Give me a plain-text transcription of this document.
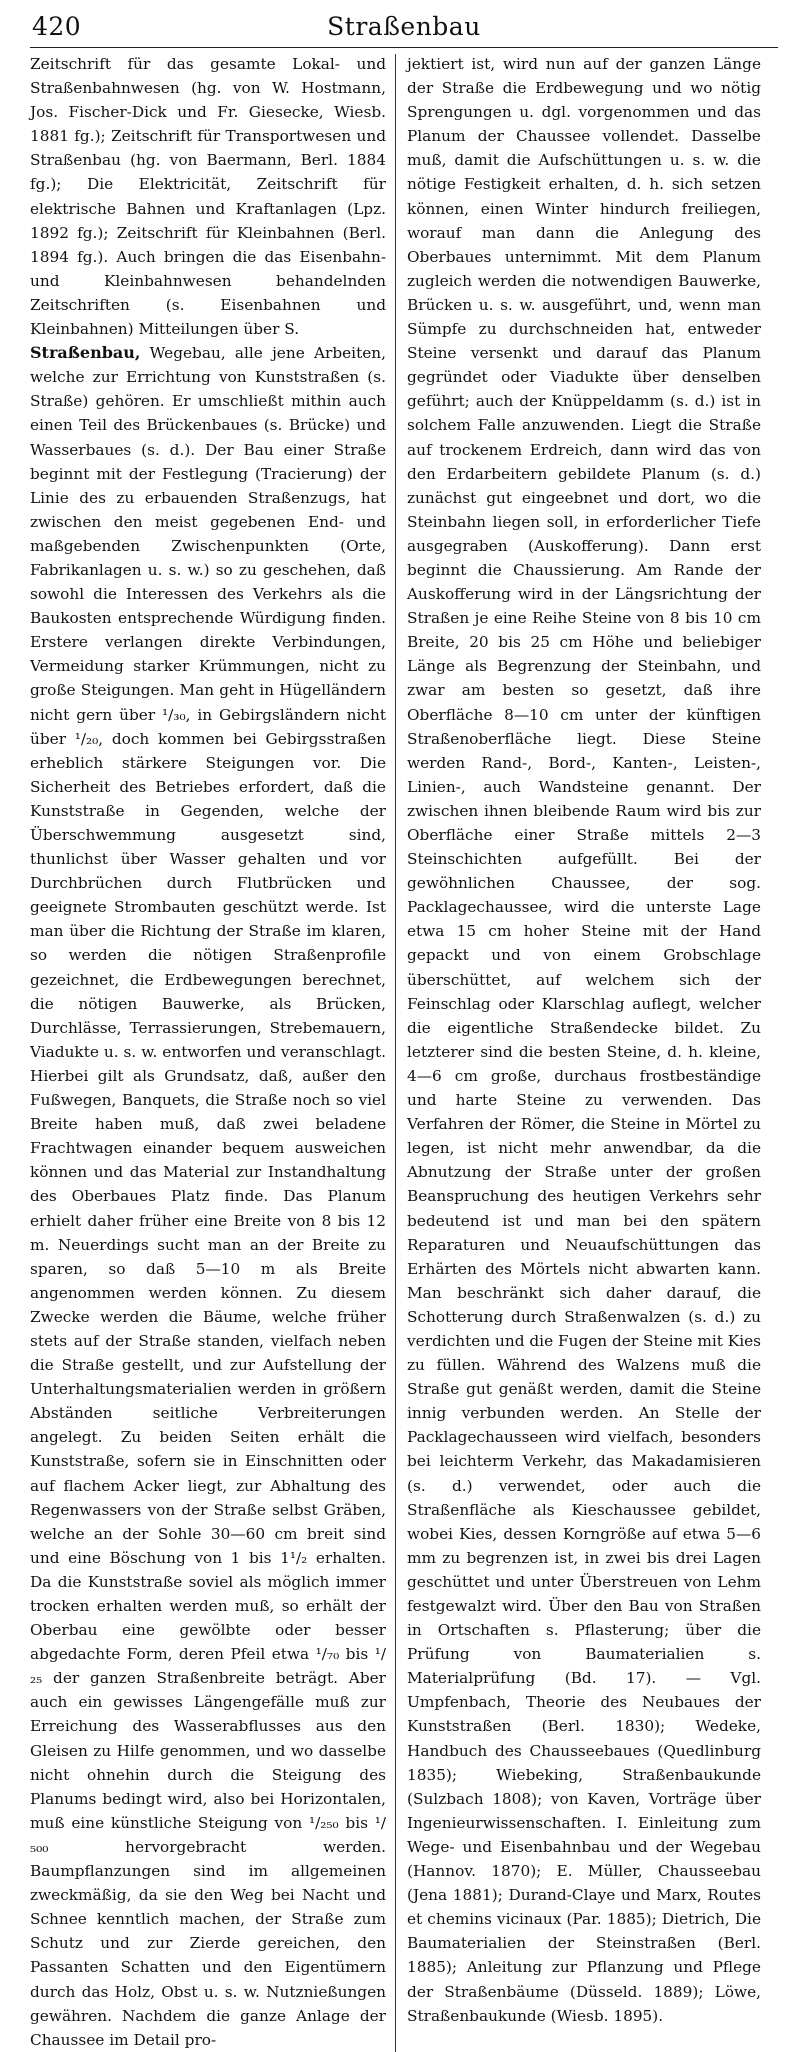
420	Straßenbau

Zeitschrift für das gesamte Lokal- und Straßenbahnwesen (hg. von W. Hostmann, Jos. Fischer-Dick und Fr. Giesecke, Wiesb. 1881 fg.); Zeitschrift für Transportwesen und Straßenbau (hg. von Baermann, Berl. 1884 fg.); Die Elektricität, Zeitschrift für elektrische Bahnen und Kraftanlagen (Lpz. 1892 fg.); Zeitschrift für Kleinbahnen (Berl. 1894 fg.). Auch bringen die das Eisenbahn- und Kleinbahnwesen behandelnden Zeitschriften (s. Eisenbahnen und Kleinbahnen) Mitteilungen über S.

Straßenbau, Wegebau, alle jene Arbeiten, welche zur Errichtung von Kunststraßen (s. Straße) gehören. Er umschließt mithin auch einen Teil des Brückenbaues (s. Brücke) und Wasserbaues (s. d.). Der Bau einer Straße beginnt mit der Festlegung (Tracierung) der Linie des zu erbauenden Straßenzugs, hat zwischen den meist gegebenen End- und maßgebenden Zwischenpunkten (Orte, Fabrikanlagen u. s. w.) so zu geschehen, daß sowohl die Interessen des Verkehrs als die Baukosten entsprechende Würdigung finden. Erstere verlangen direkte Verbindungen, Vermeidung starker Krümmungen, nicht zu große Steigungen. Man geht in Hügelländern nicht gern über ¹/₃₀, in Gebirgsländern nicht über ¹/₂₀, doch kommen bei Gebirgsstraßen erheblich stärkere Steigungen vor. Die Sicherheit des Betriebes erfordert, daß die Kunststraße in Gegenden, welche der Überschwemmung ausgesetzt sind, thunlichst über Wasser gehalten und vor Durchbrüchen durch Flutbrücken und geeignete Strombauten geschützt werde. Ist man über die Richtung der Straße im klaren, so werden die nötigen Straßenprofile gezeichnet, die Erdbewegungen berechnet, die nötigen Bauwerke, als Brücken, Durchlässe, Terrassierungen, Strebemauern, Viadukte u. s. w. entworfen und veranschlagt. Hierbei gilt als Grundsatz, daß, außer den Fußwegen, Banquets, die Straße noch so viel Breite haben muß, daß zwei beladene Frachtwagen einander bequem ausweichen können und das Material zur Instandhaltung des Oberbaues Platz finde. Das Planum erhielt daher früher eine Breite von 8 bis 12 m. Neuerdings sucht man an der Breite zu sparen, so daß 5—10 m als Breite angenommen werden können. Zu diesem Zwecke werden die Bäume, welche früher stets auf der Straße standen, vielfach neben die Straße gestellt, und zur Aufstellung der Unterhaltungsmaterialien werden in größern Abständen seitliche Verbreiterungen angelegt. Zu beiden Seiten erhält die Kunststraße, sofern sie in Einschnitten oder auf flachem Acker liegt, zur Abhaltung des Regenwassers von der Straße selbst Gräben, welche an der Sohle 30—60 cm breit sind und eine Böschung von 1 bis 1¹/₂ erhalten. Da die Kunststraße soviel als möglich immer trocken erhalten werden muß, so erhält der Oberbau eine gewölbte oder besser abgedachte Form, deren Pfeil etwa ¹/₇₀ bis ¹/₂₅ der ganzen Straßenbreite beträgt. Aber auch ein gewisses Längengefälle muß zur Erreichung des Wasserabflusses aus den Gleisen zu Hilfe genommen, und wo dasselbe nicht ohnehin durch die Steigung des Planums bedingt wird, also bei Horizontalen, muß eine künstliche Steigung von ¹/₂₅₀ bis ¹/₅₀₀ hervorgebracht werden. Baumpflanzungen sind im allgemeinen zweckmäßig, da sie den Weg bei Nacht und Schnee kenntlich machen, der Straße zum Schutz und zur Zierde gereichen, den Passanten Schatten und den Eigentümern durch das Holz, Obst u. s. w. Nutznießungen gewähren. Nachdem die ganze Anlage der Chaussee im Detail pro-

jektiert ist, wird nun auf der ganzen Länge der Straße die Erdbewegung und wo nötig Sprengungen u. dgl. vorgenommen und das Planum der Chaussee vollendet. Dasselbe muß, damit die Aufschüttungen u. s. w. die nötige Festigkeit erhalten, d. h. sich setzen können, einen Winter hindurch freiliegen, worauf man dann die Anlegung des Oberbaues unternimmt. Mit dem Planum zugleich werden die notwendigen Bauwerke, Brücken u. s. w. ausgeführt, und, wenn man Sümpfe zu durchschneiden hat, entweder Steine versenkt und darauf das Planum gegründet oder Viadukte über denselben geführt; auch der Knüppeldamm (s. d.) ist in solchem Falle anzuwenden. Liegt die Straße auf trockenem Erdreich, dann wird das von den Erdarbeitern gebildete Planum (s. d.) zunächst gut eingeebnet und dort, wo die Steinbahn liegen soll, in erforderlicher Tiefe ausgegraben (Auskofferung). Dann erst beginnt die Chaussierung. Am Rande der Auskofferung wird in der Längsrichtung der Straßen je eine Reihe Steine von 8 bis 10 cm Breite, 20 bis 25 cm Höhe und beliebiger Länge als Begrenzung der Steinbahn, und zwar am besten so gesetzt, daß ihre Oberfläche 8—10 cm unter der künftigen Straßenoberfläche liegt. Diese Steine werden Rand-, Bord-, Kanten-, Leisten-, Linien-, auch Wandsteine genannt. Der zwischen ihnen bleibende Raum wird bis zur Oberfläche einer Straße mittels 2—3 Steinschichten aufgefüllt. Bei der gewöhnlichen Chaussee, der sog. Packlagechaussee, wird die unterste Lage etwa 15 cm hoher Steine mit der Hand gepackt und von einem Grobschlage überschüttet, auf welchem sich der Feinschlag oder Klarschlag auflegt, welcher die eigentliche Straßendecke bildet. Zu letzterer sind die besten Steine, d. h. kleine, 4—6 cm große, durchaus frostbeständige und harte Steine zu verwenden. Das Verfahren der Römer, die Steine in Mörtel zu legen, ist nicht mehr anwendbar, da die Abnutzung der Straße unter der großen Beanspruchung des heutigen Verkehrs sehr bedeutend ist und man bei den spätern Reparaturen und Neuaufschüttungen das Erhärten des Mörtels nicht abwarten kann. Man beschränkt sich daher darauf, die Schotterung durch Straßenwalzen (s. d.) zu verdichten und die Fugen der Steine mit Kies zu füllen. Während des Walzens muß die Straße gut genäßt werden, damit die Steine innig verbunden werden. An Stelle der Packlagechausseen wird vielfach, besonders bei leichterm Verkehr, das Makadamisieren (s. d.) verwendet, oder auch die Straßenfläche als Kieschaussee gebildet, wobei Kies, dessen Korngröße auf etwa 5—6 mm zu begrenzen ist, in zwei bis drei Lagen geschüttet und unter Überstreuen von Lehm festgewalzt wird. Über den Bau von Straßen in Ortschaften s. Pflasterung; über die Prüfung von Baumaterialien s. Materialprüfung (Bd. 17). — Vgl. Umpfenbach, Theorie des Neubaues der Kunststraßen (Berl. 1830); Wedeke, Handbuch des Chausseebaues (Quedlinburg 1835); Wiebeking, Straßenbaukunde (Sulzbach 1808); von Kaven, Vorträge über Ingenieurwissenschaften. I. Einleitung zum Wege- und Eisenbahnbau und der Wegebau (Hannov. 1870); E. Müller, Chausseebau (Jena 1881); Durand-Claye und Marx, Routes et chemins vicinaux (Par. 1885); Dietrich, Die Baumaterialien der Steinstraßen (Berl. 1885); Anleitung zur Pflanzung und Pflege der Straßenbäume (Düsseld. 1889); Löwe, Straßenbaukunde (Wiesb. 1895).
